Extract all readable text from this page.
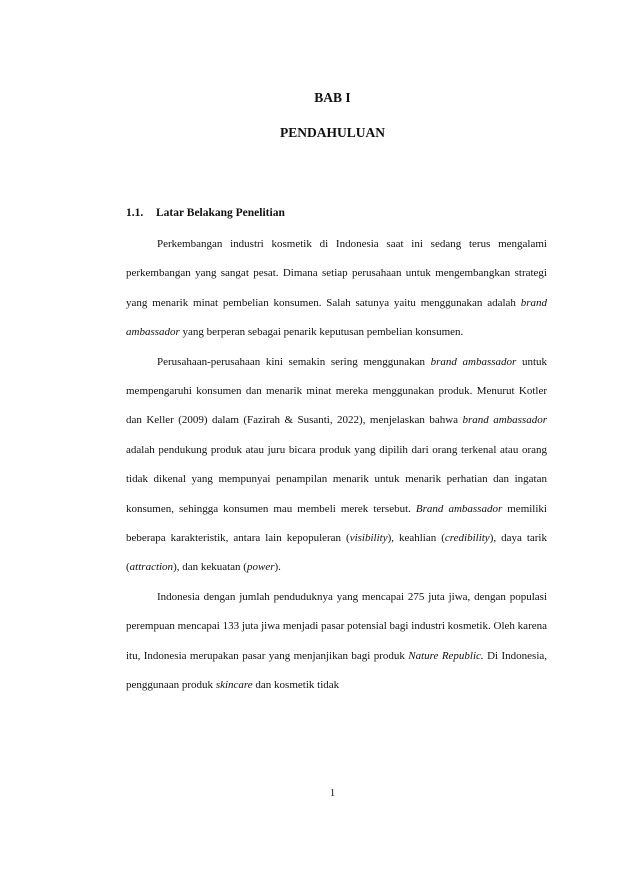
BAB I
PENDAHULUAN
1.1. Latar Belakang Penelitian

Perkembangan industri kosmetik di Indonesia saat ini sedang terus mengalami perkembangan yang sangat pesat. Dimana setiap perusahaan untuk mengembangkan strategi yang menarik minat pembelian konsumen. Salah satunya yaitu menggunakan adalah brand ambassador yang berperan sebagai penarik keputusan pembelian konsumen.

Perusahaan-perusahaan kini semakin sering menggunakan brand ambassador untuk mempengaruhi konsumen dan menarik minat mereka menggunakan produk. Menurut Kotler dan Keller (2009) dalam (Fazirah & Susanti, 2022), menjelaskan bahwa brand ambassador adalah pendukung produk atau juru bicara produk yang dipilih dari orang terkenal atau orang tidak dikenal yang mempunyai penampilan menarik untuk menarik perhatian dan ingatan konsumen, sehingga konsumen mau membeli merek tersebut. Brand ambassador memiliki beberapa karakteristik, antara lain kepopuleran (visibility), keahlian (credibility), daya tarik (attraction), dan kekuatan (power).

Indonesia dengan jumlah penduduknya yang mencapai 275 juta jiwa, dengan populasi perempuan mencapai 133 juta jiwa menjadi pasar potensial bagi industri kosmetik. Oleh karena itu, Indonesia merupakan pasar yang menjanjikan bagi produk Nature Republic. Di Indonesia, penggunaan produk skincare dan kosmetik tidak

1
